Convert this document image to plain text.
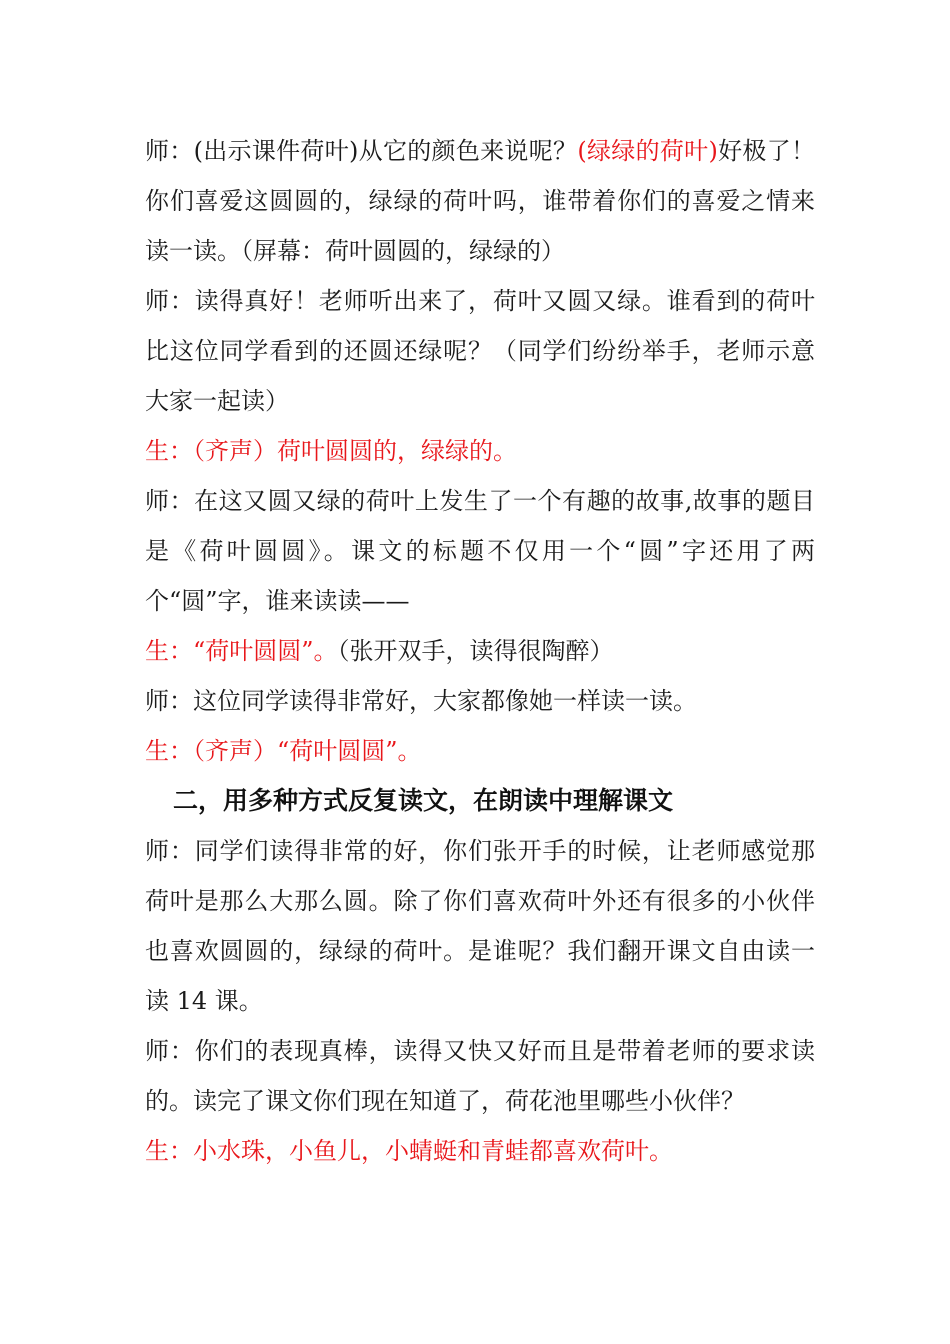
师：(出示课件荷叶)从它的颜色来说呢？(绿绿的荷叶)好极了！你们喜爱这圆圆的，绿绿的荷叶吗，谁带着你们的喜爱之情来读一读。（屏幕：荷叶圆圆的，绿绿的）

师：读得真好！老师听出来了，荷叶又圆又绿。谁看到的荷叶比这位同学看到的还圆还绿呢？（同学们纷纷举手，老师示意大家一起读）

生：（齐声）荷叶圆圆的，绿绿的。

师：在这又圆又绿的荷叶上发生了一个有趣的故事,故事的题目是《荷叶圆圆》。课文的标题不仅用一个“圆”字还用了两个“圆”字，谁来读读——

生：“荷叶圆圆”。（张开双手，读得很陶醉）

师：这位同学读得非常好，大家都像她一样读一读。

生：（齐声）“荷叶圆圆”。

二，用多种方式反复读文，在朗读中理解课文

师：同学们读得非常的好，你们张开手的时候，让老师感觉那荷叶是那么大那么圆。除了你们喜欢荷叶外还有很多的小伙伴也喜欢圆圆的，绿绿的荷叶。是谁呢？我们翻开课文自由读一读 14 课。

师：你们的表现真棒，读得又快又好而且是带着老师的要求读的。读完了课文你们现在知道了，荷花池里哪些小伙伴？

生：小水珠，小鱼儿，小蜻蜓和青蛙都喜欢荷叶。
